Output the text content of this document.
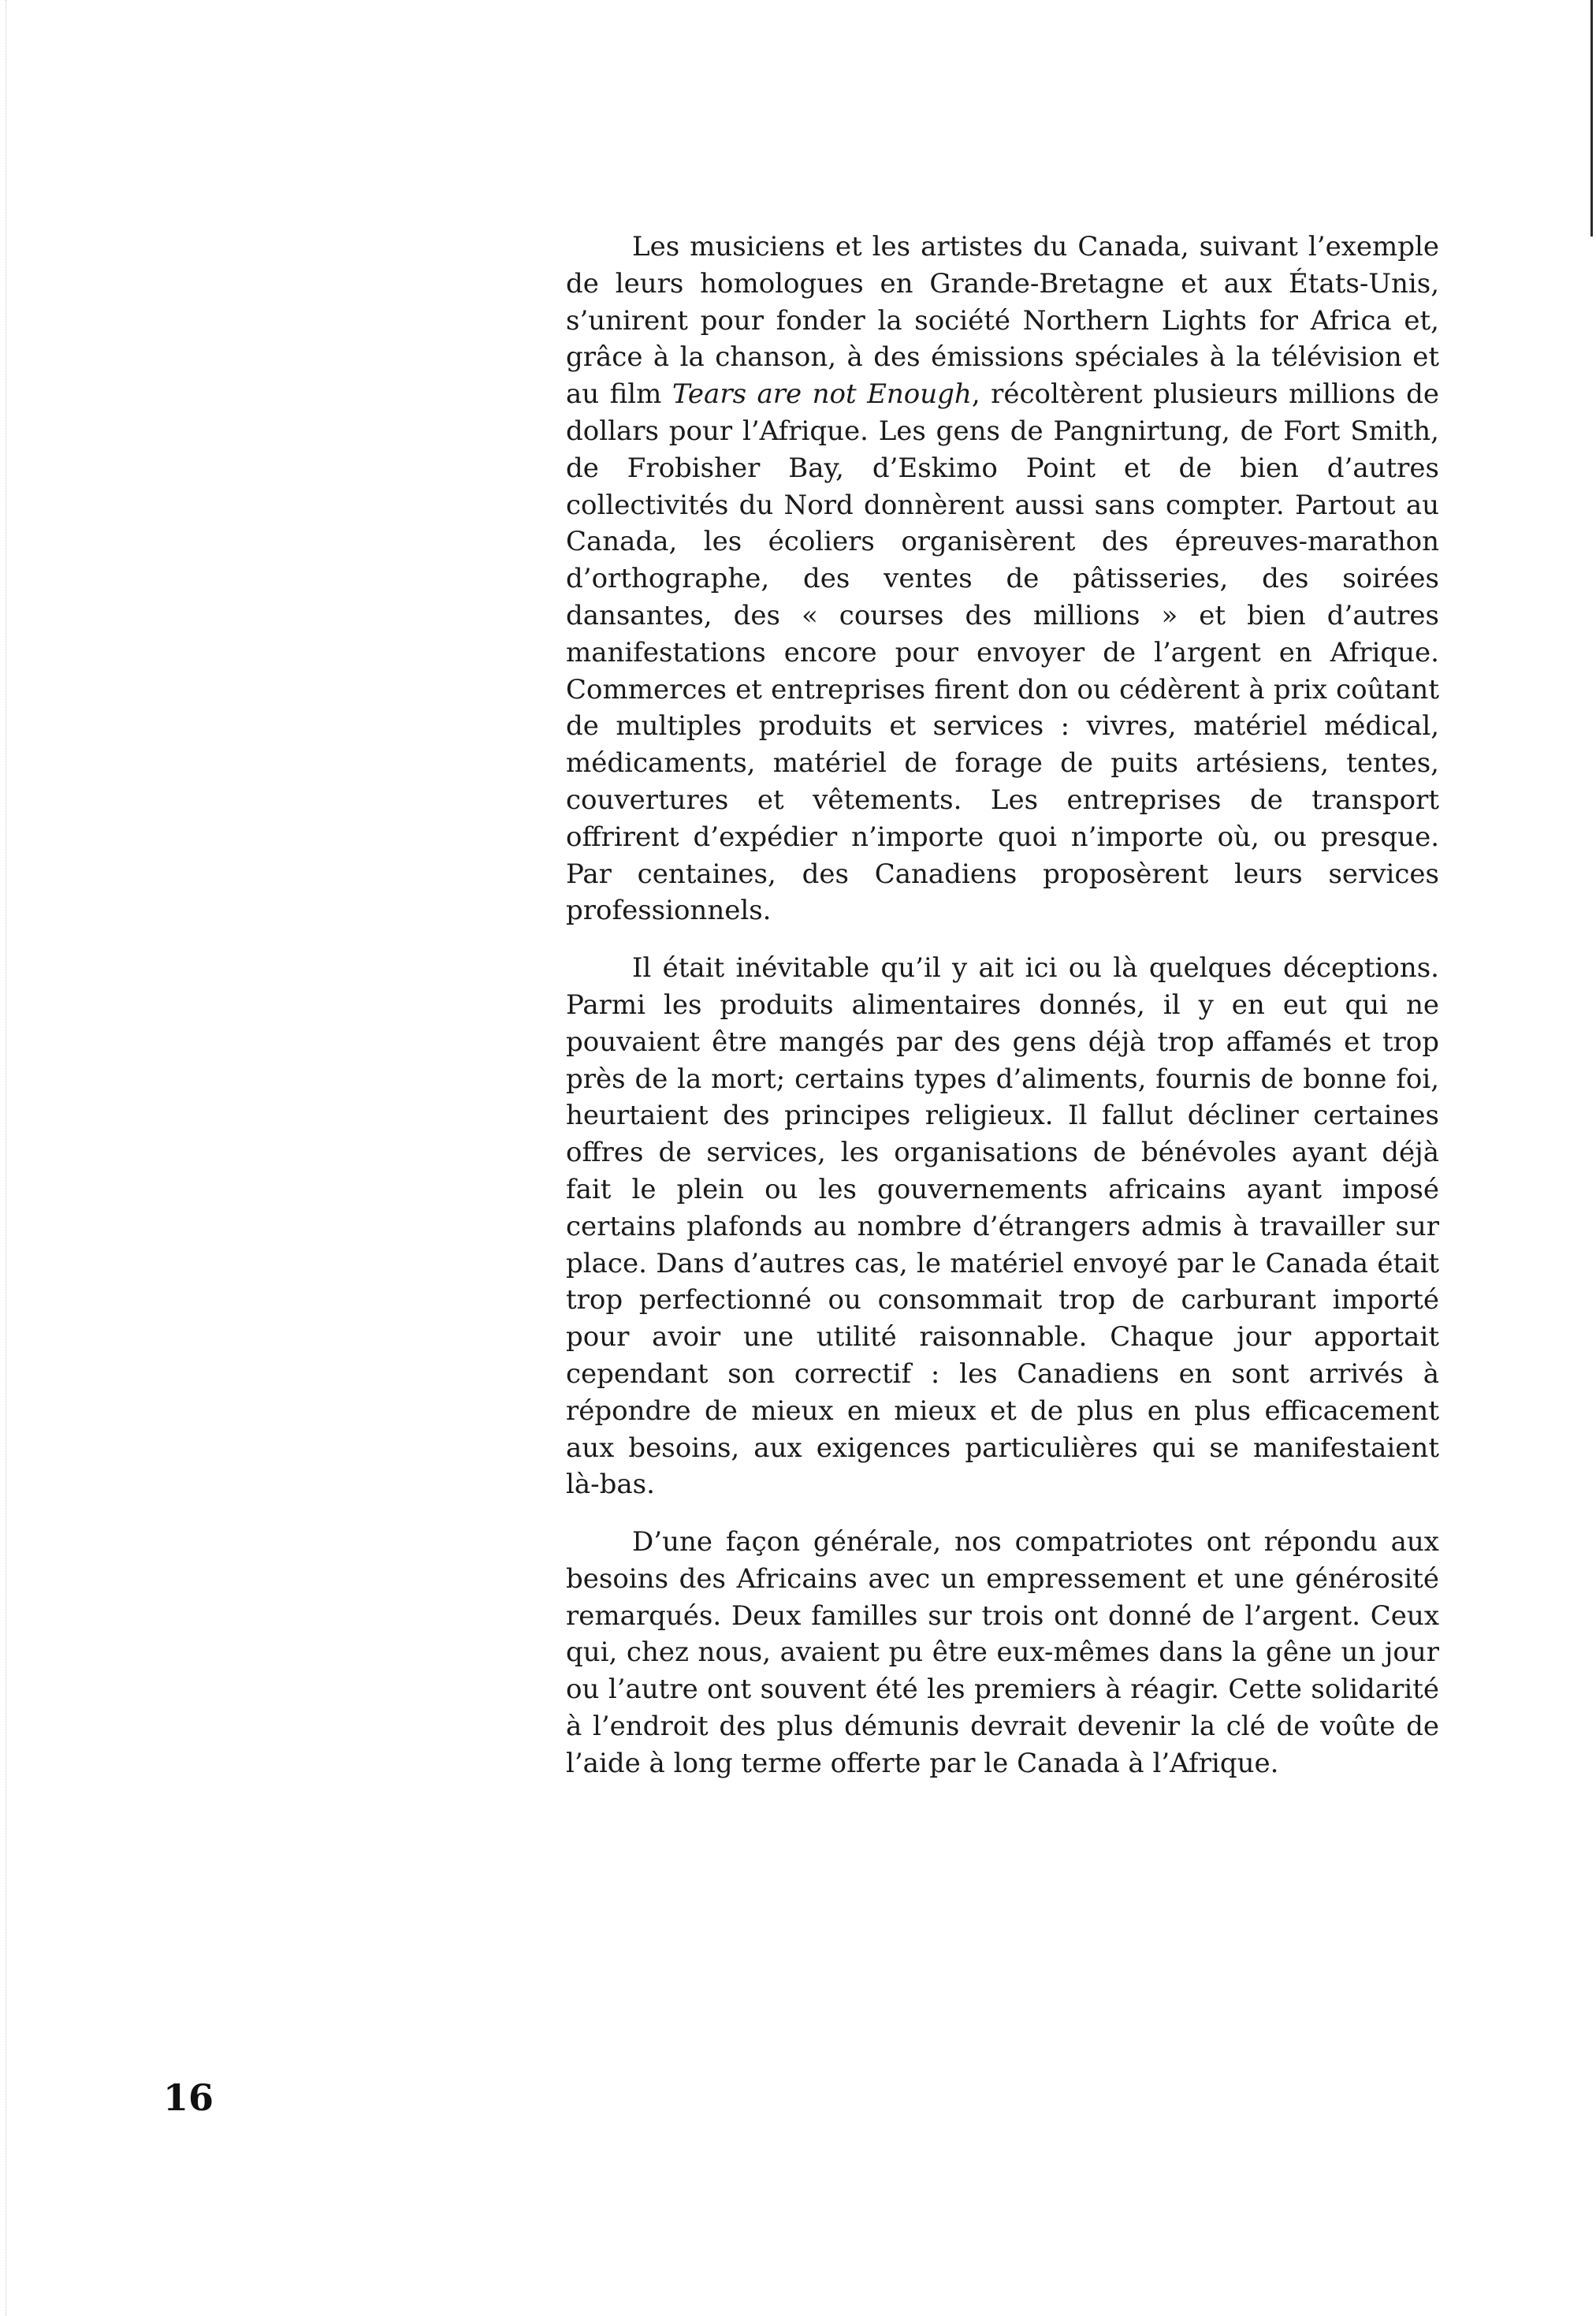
Les musiciens et les artistes du Canada, suivant l’exemple de leurs homologues en Grande-Bretagne et aux États-Unis, s’unirent pour fonder la société Northern Lights for Africa et, grâce à la chanson, à des émissions spéciales à la télévision et au film Tears are not Enough, récoltèrent plusieurs millions de dollars pour l’Afrique. Les gens de Pangnirtung, de Fort Smith, de Frobisher Bay, d’Eskimo Point et de bien d’autres collectivités du Nord donnèrent aussi sans compter. Partout au Canada, les écoliers organisèrent des épreuves-marathon d’orthographe, des ventes de pâtisseries, des soirées dansantes, des « courses des millions » et bien d’autres manifestations encore pour envoyer de l’argent en Afrique. Commerces et entreprises firent don ou cédèrent à prix coûtant de multiples produits et services : vivres, matériel médical, médicaments, matériel de forage de puits artésiens, tentes, couvertures et vêtements. Les entreprises de transport offrirent d’expédier n’importe quoi n’importe où, ou presque. Par centaines, des Canadiens proposèrent leurs services professionnels.

Il était inévitable qu’il y ait ici ou là quelques déceptions. Parmi les produits alimentaires donnés, il y en eut qui ne pouvaient être mangés par des gens déjà trop affamés et trop près de la mort; certains types d’aliments, fournis de bonne foi, heurtaient des principes religieux. Il fallut décliner certaines offres de services, les organisations de bénévoles ayant déjà fait le plein ou les gouvernements africains ayant imposé certains plafonds au nombre d’étrangers admis à travailler sur place. Dans d’autres cas, le matériel envoyé par le Canada était trop perfectionné ou consommait trop de carburant importé pour avoir une utilité raisonnable. Chaque jour apportait cependant son correctif : les Canadiens en sont arrivés à répondre de mieux en mieux et de plus en plus efficacement aux besoins, aux exigences particulières qui se manifestaient là-bas.

D’une façon générale, nos compatriotes ont répondu aux besoins des Africains avec un empressement et une générosité remarqués. Deux familles sur trois ont donné de l’argent. Ceux qui, chez nous, avaient pu être eux-mêmes dans la gêne un jour ou l’autre ont souvent été les premiers à réagir. Cette solidarité à l’endroit des plus démunis devrait devenir la clé de voûte de l’aide à long terme offerte par le Canada à l’Afrique.

16
